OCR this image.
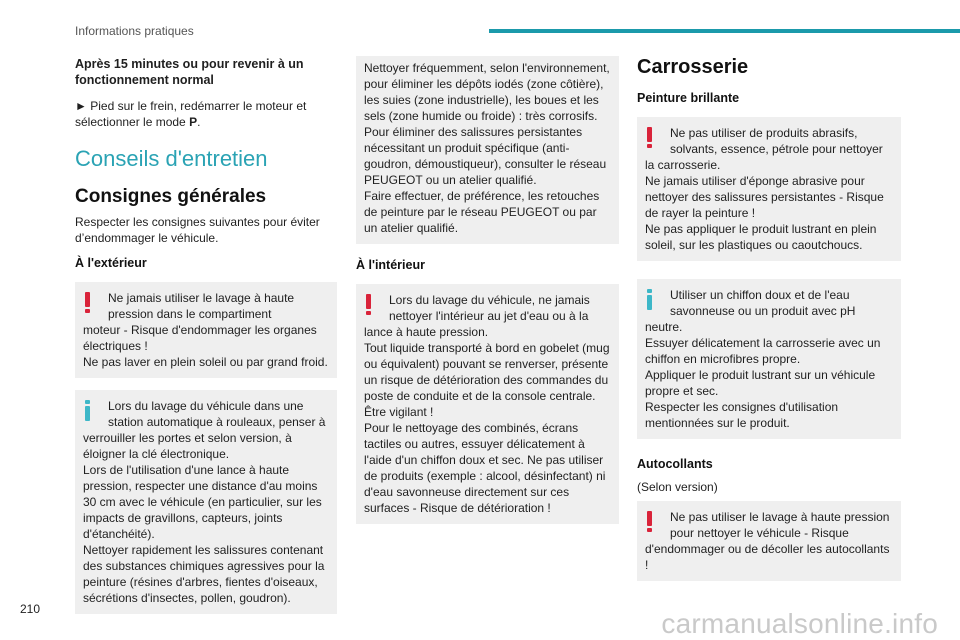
Informations pratiques

Après 15 minutes ou pour revenir à un fonctionnement normal

► Pied sur le frein, redémarrer le moteur et sélectionner le mode P.

Conseils d'entretien
Consignes générales

Respecter les consignes suivantes pour éviter d’endommager le véhicule.

À l'extérieur
Ne jamais utiliser le lavage à haute pression dans le compartiment
moteur - Risque d'endommager les organes électriques !
Ne pas laver en plein soleil ou par grand froid.
Lors du lavage du véhicule dans une station automatique à rouleaux, penser à
verrouiller les portes et selon version, à éloigner la clé électronique.
Lors de l'utilisation d'une lance à haute pression, respecter une distance d'au moins 30 cm avec le véhicule (en particulier, sur les impacts de gravillons, capteurs, joints d'étanchéité).
Nettoyer rapidement les salissures contenant des substances chimiques agressives pour la peinture (résines d'arbres, fientes d'oiseaux, sécrétions d'insectes, pollen, goudron).
Nettoyer fréquemment, selon l'environnement, pour éliminer les dépôts iodés (zone côtière), les suies (zone industrielle), les boues et les sels (zone humide ou froide) : très corrosifs.
Pour éliminer des salissures persistantes nécessitant un produit spécifique (anti-goudron, démoustiqueur), consulter le réseau PEUGEOT ou un atelier qualifié.
Faire effectuer, de préférence, les retouches de peinture par le réseau PEUGEOT ou par un atelier qualifié.
À l'intérieur
Lors du lavage du véhicule, ne jamais nettoyer l'intérieur au jet d'eau ou à la
lance à haute pression.
Tout liquide transporté à bord en gobelet (mug ou équivalent) pouvant se renverser, présente un risque de détérioration des commandes du poste de conduite et de la console centrale. Être vigilant !
Pour le nettoyage des combinés, écrans tactiles ou autres, essuyer délicatement à l'aide d'un chiffon doux et sec. Ne pas utiliser de produits (exemple : alcool, désinfectant) ni d'eau savonneuse directement sur ces surfaces - Risque de détérioration !
Carrosserie
Peinture brillante
Ne pas utiliser de produits abrasifs, solvants, essence, pétrole pour nettoyer
la carrosserie.
Ne jamais utiliser d'éponge abrasive pour nettoyer des salissures persistantes - Risque de rayer la peinture !
Ne pas appliquer le produit lustrant en plein soleil, sur les plastiques ou caoutchoucs.
Utiliser un chiffon doux et de l'eau savonneuse ou un produit avec pH
neutre.
Essuyer délicatement la carrosserie avec un chiffon en microfibres propre.
Appliquer le produit lustrant sur un véhicule propre et sec.
Respecter les consignes d'utilisation mentionnées sur le produit.
Autocollants

(Selon version)

Ne pas utiliser le lavage à haute pression pour nettoyer le véhicule - Risque
d'endommager ou de décoller les autocollants !
210	carmanualsonline.info
